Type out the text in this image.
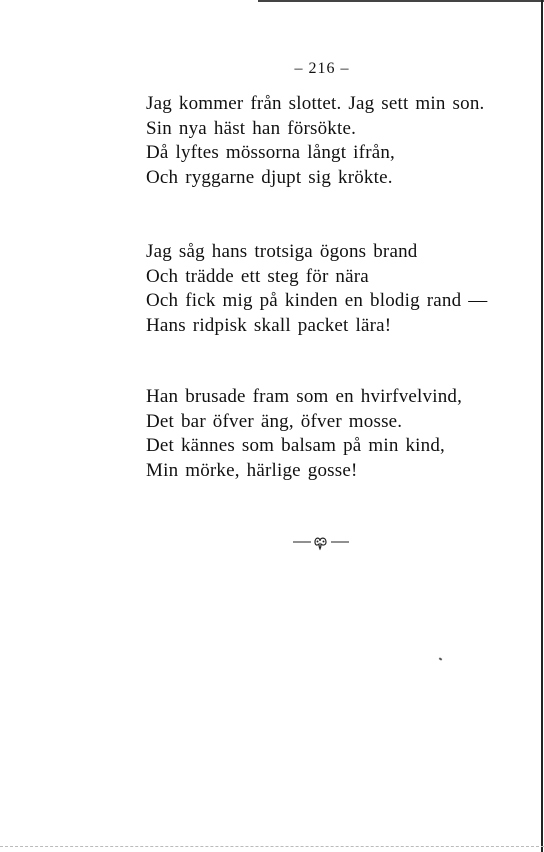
– 216 –
Jag kommer från slottet. Jag sett min son.
Sin nya häst han försökte.
Då lyftes mössorna långt ifrån,
Och ryggarne djupt sig krökte.
Jag såg hans trotsiga ögons brand
Och trädde ett steg för nära
Och fick mig på kinden en blodig rand —
Hans ridpisk skall packet lära!
Han brusade fram som en hvirfvelvind,
Det bar öfver äng, öfver mosse.
Det kännes som balsam på min kind,
Min mörke, härlige gosse!
